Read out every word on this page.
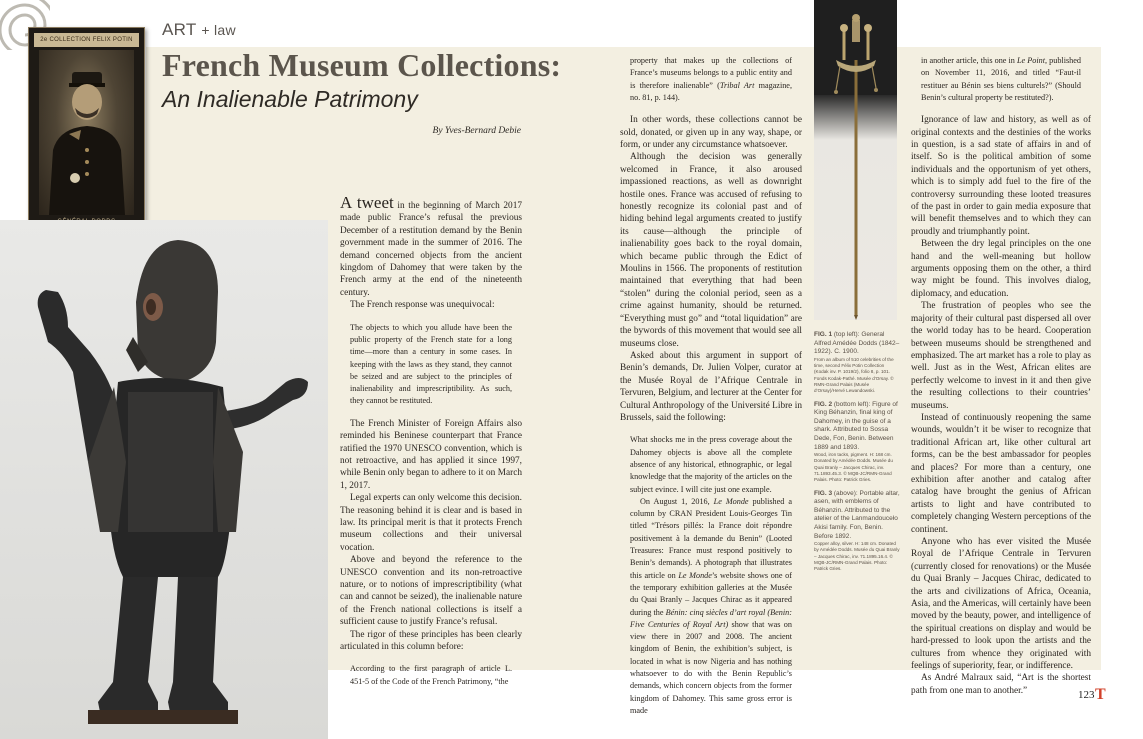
2e COLLECTION FELIX POTIN
ART + law
French Museum Collections:
An Inalienable Patrimony
By Yves-Bernard Debie

A tweet in the beginning of March 2017 made public France’s refusal the previous December of a restitution demand by the Benin government made in the summer of 2016. The demand concerned objects from the ancient kingdom of Dahomey that were taken by the French army at the end of the nineteenth century.

The French response was unequivocal:

The objects to which you allude have been the public property of the French state for a long time—more than a century in some cases. In keeping with the laws as they stand, they cannot be seized and are subject to the principles of inalienability and imprescriptibility. As such, they cannot be restituted.

The French Minister of Foreign Affairs also reminded his Beninese counterpart that France ratified the 1970 UNESCO convention, which is not retroactive, and has applied it since 1997, while Benin only began to adhere to it on March 1, 2017.

Legal experts can only welcome this decision. The reasoning behind it is clear and is based in law. Its principal merit is that it protects French museum collections and their universal vocation.

Above and beyond the reference to the UNESCO convention and its non-retroactive nature, or to notions of imprescriptibility (what can and cannot be seized), the inalienable nature of the French national collections is itself a sufficient cause to justify France’s refusal.

The rigor of these principles has been clearly articulated in this column before:

According to the first paragraph of article L. 451-5 of the Code of the French Patrimony, “the

property that makes up the collections of France’s museums belongs to a public entity and is therefore inalienable” (Tribal Art magazine, no. 81, p. 144).

In other words, these collections cannot be sold, donated, or given up in any way, shape, or form, or under any circumstance whatsoever.

Although the decision was generally welcomed in France, it also aroused impassioned reactions, as well as downright hostile ones. France was accused of refusing to honestly recognize its colonial past and of hiding behind legal arguments created to justify its cause—although the principle of inalienability goes back to the royal domain, which became public through the Edict of Moulins in 1566. The proponents of restitution maintained that everything that had been “stolen” during the colonial period, seen as a crime against humanity, should be returned. “Everything must go” and “total liquidation” are the bywords of this movement that would see all museums close.

Asked about this argument in support of Benin’s demands, Dr. Julien Volper, curator at the Musée Royal de l’Afrique Centrale in Tervuren, Belgium, and lecturer at the Center for Cultural Anthropology of the Université Libre in Brussels, said the following:

What shocks me in the press coverage about the Dahomey objects is above all the complete absence of any historical, ethnographic, or legal knowledge that the majority of the articles on the subject evince. I will cite just one example.

On August 1, 2016, Le Monde published a column by CRAN President Louis-Georges Tin titled “Trésors pillés: la France doit répondre positivement à la demande du Benin” (Looted Treasures: France must respond positively to Benin’s demands). A photograph that illustrates this article on Le Monde’s website shows one of the temporary exhibition galleries at the Musée du Quai Branly – Jacques Chirac as it appeared during the Bénin: cinq siècles d’art royal (Benin: Five Centuries of Royal Art) show that was on view there in 2007 and 2008. The ancient kingdom of Benin, the exhibition’s subject, is located in what is now Nigeria and has nothing whatsoever to do with the Benin Republic’s demands, which concern objects from the former kingdom of Dahomey. This same gross error is made

FIG. 1 (top left): General Alfred Amédée Dodds (1842–1922). C. 1900.
From an album of 510 celebrities of the time, second Félix Potin Collection (Kodak inv. P. 1019/2), folio 8, p. 101. Fonds Kodak-Pathé. Musée d’Orsay. © RMN-Grand Palais (Musée d’Orsay)/Hervé Lewandowski.
FIG. 2 (bottom left): Figure of King Béhanzin, final king of Dahomey, in the guise of a shark. Attributed to Sossa Dede, Fon, Benin. Between 1889 and 1893.
Wood, iron tacks, pigment. H: 168 cm. Donated by Amédée Dodds. Musée du Quai Branly – Jacques Chirac, inv. 71.1893.45.3. © MQB-JC/RMN-Grand Palais. Photo: Patrick Gries.
FIG. 3 (above): Portable altar, asen, with emblems of Béhanzin. Attributed to the atelier of the Lanmandouceło Akisi family. Fon, Benin. Before 1892.
Copper alloy, silver. H: 148 cm. Donated by Amédée Dodds. Musée du Quai Branly – Jacques Chirac, inv. 71.1895.16.4. © MQB-JC/RMN-Grand Palais. Photo: Patrick Gries.

in another article, this one in Le Point, published on November 11, 2016, and titled “Faut-il restituer au Bénin ses biens culturels?” (Should Benin’s cultural property be restituted?).

Ignorance of law and history, as well as of original contexts and the destinies of the works in question, is a sad state of affairs in and of itself. So is the political ambition of some individuals and the opportunism of yet others, which is to simply add fuel to the fire of the controversy surrounding these looted treasures of the past in order to gain media exposure that will benefit themselves and to which they can proudly and triumphantly point.

Between the dry legal principles on the one hand and the well-meaning but hollow arguments opposing them on the other, a third way might be found. This involves dialog, diplomacy, and education.

The frustration of peoples who see the majority of their cultural past dispersed all over the world today has to be heard. Cooperation between museums should be strengthened and emphasized. The art market has a role to play as well. Just as in the West, African elites are perfectly welcome to invest in it and then give the resulting collections to their countries’ museums.

Instead of continuously reopening the same wounds, wouldn’t it be wiser to recognize that traditional African art, like other cultural art forms, can be the best ambassador for peoples and places? For more than a century, one exhibition after another and catalog after catalog have brought the genius of African artists to light and have contributed to completely changing Western perceptions of the continent.

Anyone who has ever visited the Musée Royal de l’Afrique Centrale in Tervuren (currently closed for renovations) or the Musée du Quai Branly – Jacques Chirac, dedicated to the arts and civilizations of Africa, Oceania, Asia, and the Americas, will certainly have been moved by the beauty, power, and intelligence of the spiritual creations on display and would be hard-pressed to look upon the artists and the cultures from whence they originated with feelings of superiority, fear, or indifference.

As André Malraux said, “Art is the shortest path from one man to another.”	123 T
